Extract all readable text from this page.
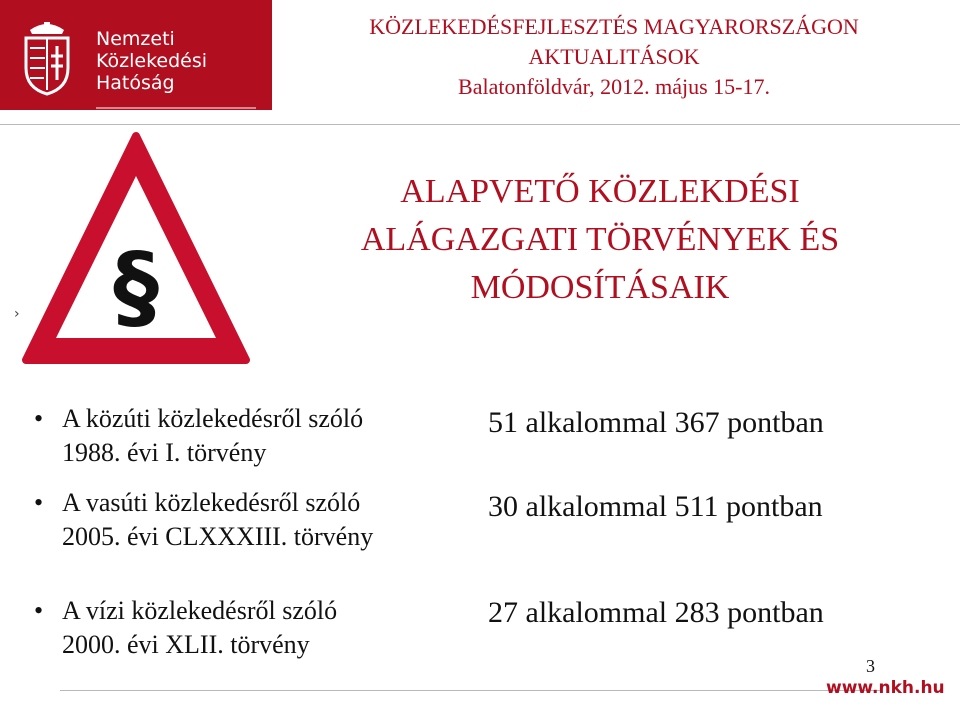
Nemzeti
Közlekedési
Hatóság
KÖZLEKEDÉSFEJLESZTÉS MAGYARORSZÁGON
AKTUALITÁSOK
Balatonföldvár, 2012. május 15-17.
§
›
ALAPVETŐ KÖZLEKDÉSI
ALÁGAZGATI TÖRVÉNYEK ÉS
MÓDOSÍTÁSAIK
• A közúti közlekedésről szóló
1988. évi I. törvény
• A vasúti közlekedésről szóló
2005. évi CLXXXIII. törvény
• A vízi közlekedésről szóló
2000. évi XLII. törvény
51 alkalommal 367 pontban
30 alkalommal 511 pontban
27 alkalommal 283 pontban
3
www.nkh.hu
